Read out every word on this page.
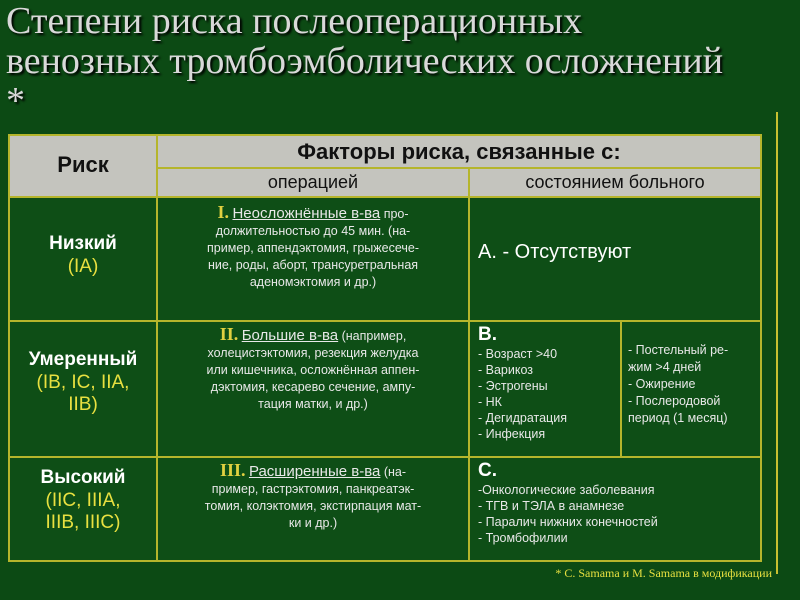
Степени риска послеоперационных
венозных тромбоэмболических осложнений
*
Риск
Факторы риска, связанные с:
операцией	состоянием больного
Низкий
(IA)
I. Неосложнённые в-ва про-
должительностью до 45 мин. (на-
пример, аппендэктомия, грыжесече-
ние, роды, аборт, трансуретральная
аденомэктомия и др.)
А. - Отсутствуют
Умеренный
(IB, IC, IIA,
IIB)
II. Большие в-ва (например,
холецистэктомия, резекция желудка
или кишечника, осложнённая аппен-
дэктомия, кесарево сечение, ампу-
тация матки, и др.)
В.
- Возраст >40
- Варикоз
- Эстрогены
- НК
- Дегидратация
- Инфекция
- Постельный ре-
жим >4 дней
- Ожирение
- Послеродовой
период (1 месяц)
Высокий
(IIC, IIIA,
IIIB, IIIC)
III. Расширенные в-ва (на-
пример, гастрэктомия, панкреатэк-
томия, колэктомия, экстирпация мат-
ки и др.)
С.
-Онкологические заболевания
- ТГВ и ТЭЛА в анамнезе
- Паралич нижних конечностей
- Тромбофилии
* C. Samama и M. Samama в модификации
